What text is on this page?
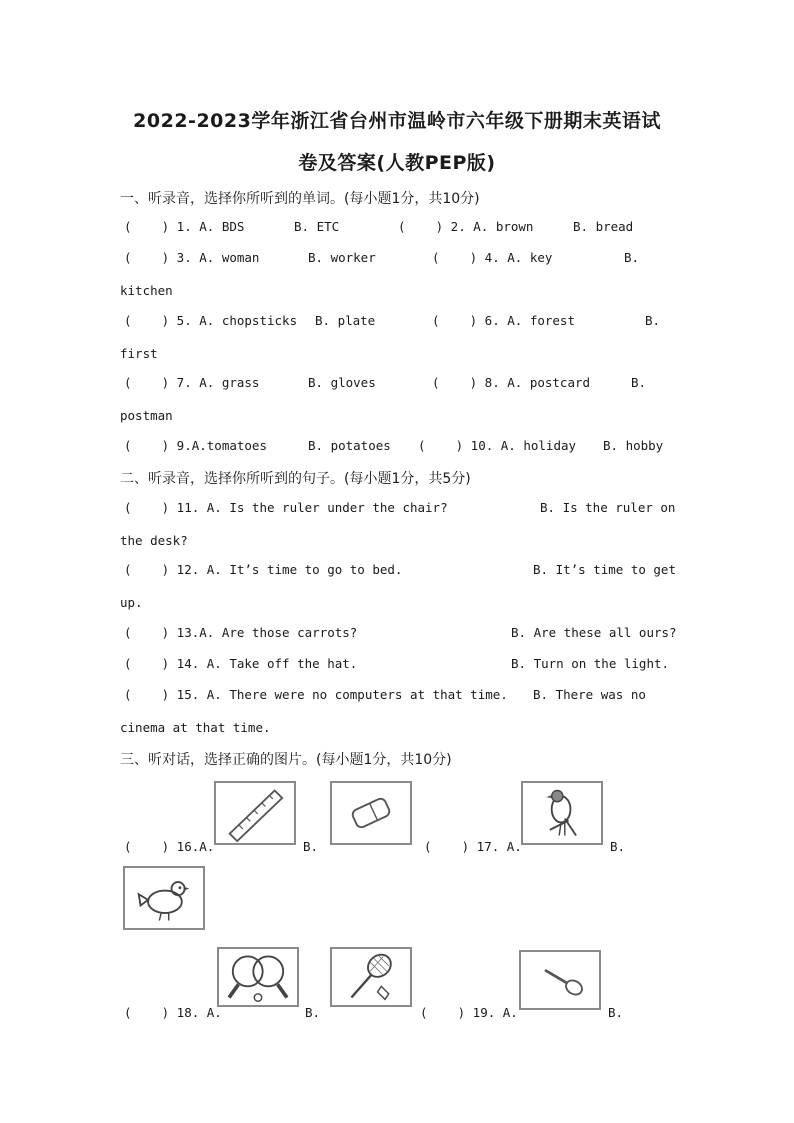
2022-2023学年浙江省台州市温岭市六年级下册期末英语试
卷及答案(人教PEP版)
一、听录音，选择你所听到的单词。(每小题1分，共10分)
(    ) 1. A. BDS	B. ETC	(    ) 2. A. brown	B. bread
(    ) 3. A. woman	B. worker	(    ) 4. A. key	B.
kitchen
(    ) 5. A. chopsticks B. plate	(    ) 6. A. forest	B.
first
(    ) 7. A. grass	B. gloves	(    ) 8. A. postcard	B.
postman
(    ) 9.A.tomatoes	B. potatoes (    ) 10. A. holiday B. hobby
二、听录音，选择你所听到的句子。(每小题1分，共5分)
(    ) 11. A. Is the ruler under the chair?	B. Is the ruler on
the desk?
(    ) 12. A. It’s time to go to bed.	B. It’s time to get
up.
(    ) 13.A. Are those carrots?	B. Are these all ours?
(    ) 14. A. Take off the hat.	B. Turn on the light.
(    ) 15. A. There were no computers at that time. B. There was no
cinema at that time.
三、听对话，选择正确的图片。(每小题1分，共10分)
(    ) 16.A.	B.	(    ) 17. A.	B.
(    ) 18. A.	B.	(    ) 19. A.	B.
